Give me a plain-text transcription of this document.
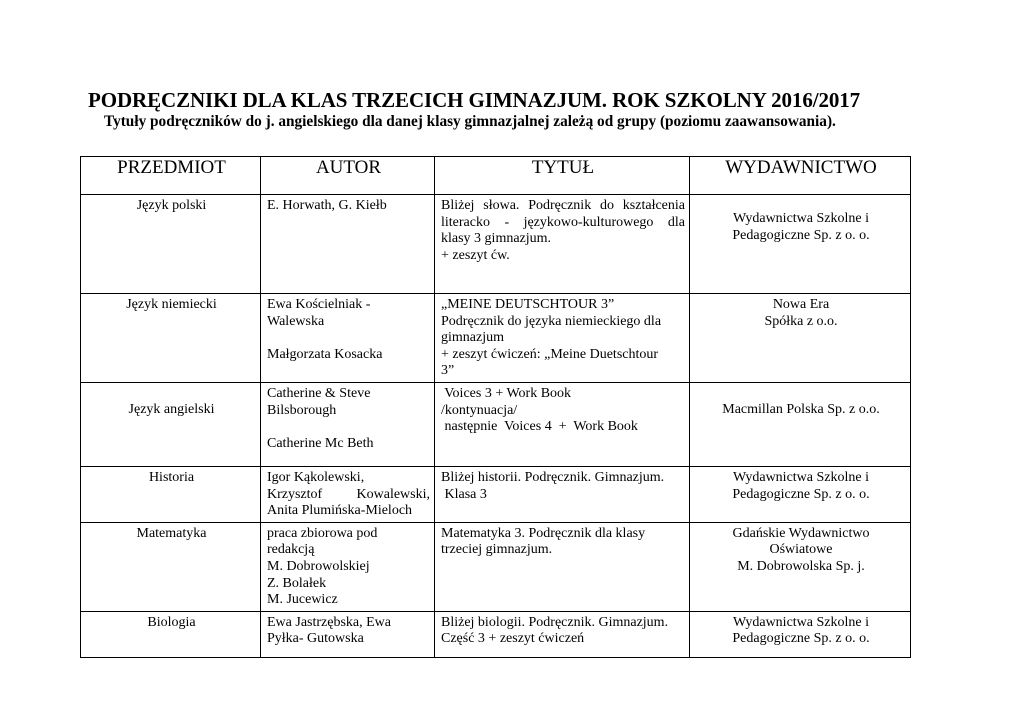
PODRĘCZNIKI DLA KLAS TRZECICH GIMNAZJUM. ROK SZKOLNY 2016/2017
Tytuły podręczników do j. angielskiego dla danej klasy gimnazjalnej zależą od grupy (poziomu zaawansowania).
PRZEDMIOT	AUTOR	TYTUŁ	WYDAWNICTWO
Język polski	E. Horwath, G. Kiełb	Bliżej słowa. Podręcznik do kształcenia
literacko - językowo-kulturowego dla
klasy 3 gimnazjum.
+ zeszyt ćw.	Wydawnictwa Szkolne i
Pedagogiczne Sp. z o. o.

Język niemiecki	Ewa Kościelniak -
Walewska
Małgorzata Kosacka	„MEINE DEUTSCHTOUR 3”
Podręcznik do języka niemieckiego dla
gimnazjum
+ zeszyt ćwiczeń: „Meine Duetschtour
3”	Nowa Era
Spółka z o.o.

Język angielski	Catherine & Steve
Bilsborough
Catherine Mc Beth	Voices 3 + Work Book
/kontynuacja/
następnie  Voices 4  +  Work Book	Macmillan Polska Sp. z o.o.

Historia	Igor Kąkolewski,
Krzysztof Kowalewski,
Anita Plumińska-Mieloch	Bliżej historii. Podręcznik. Gimnazjum.
Klasa 3	Wydawnictwa Szkolne i
Pedagogiczne Sp. z o. o.

Matematyka	praca zbiorowa pod
redakcją
M. Dobrowolskiej
Z. Bolałek
M. Jucewicz	Matematyka 3. Podręcznik dla klasy
trzeciej gimnazjum.	Gdańskie Wydawnictwo
Oświatowe
M. Dobrowolska Sp. j.

Biologia	Ewa Jastrzębska, Ewa
Pyłka- Gutowska	Bliżej biologii. Podręcznik. Gimnazjum.
Część 3 + zeszyt ćwiczeń	Wydawnictwa Szkolne i
Pedagogiczne Sp. z o. o.
